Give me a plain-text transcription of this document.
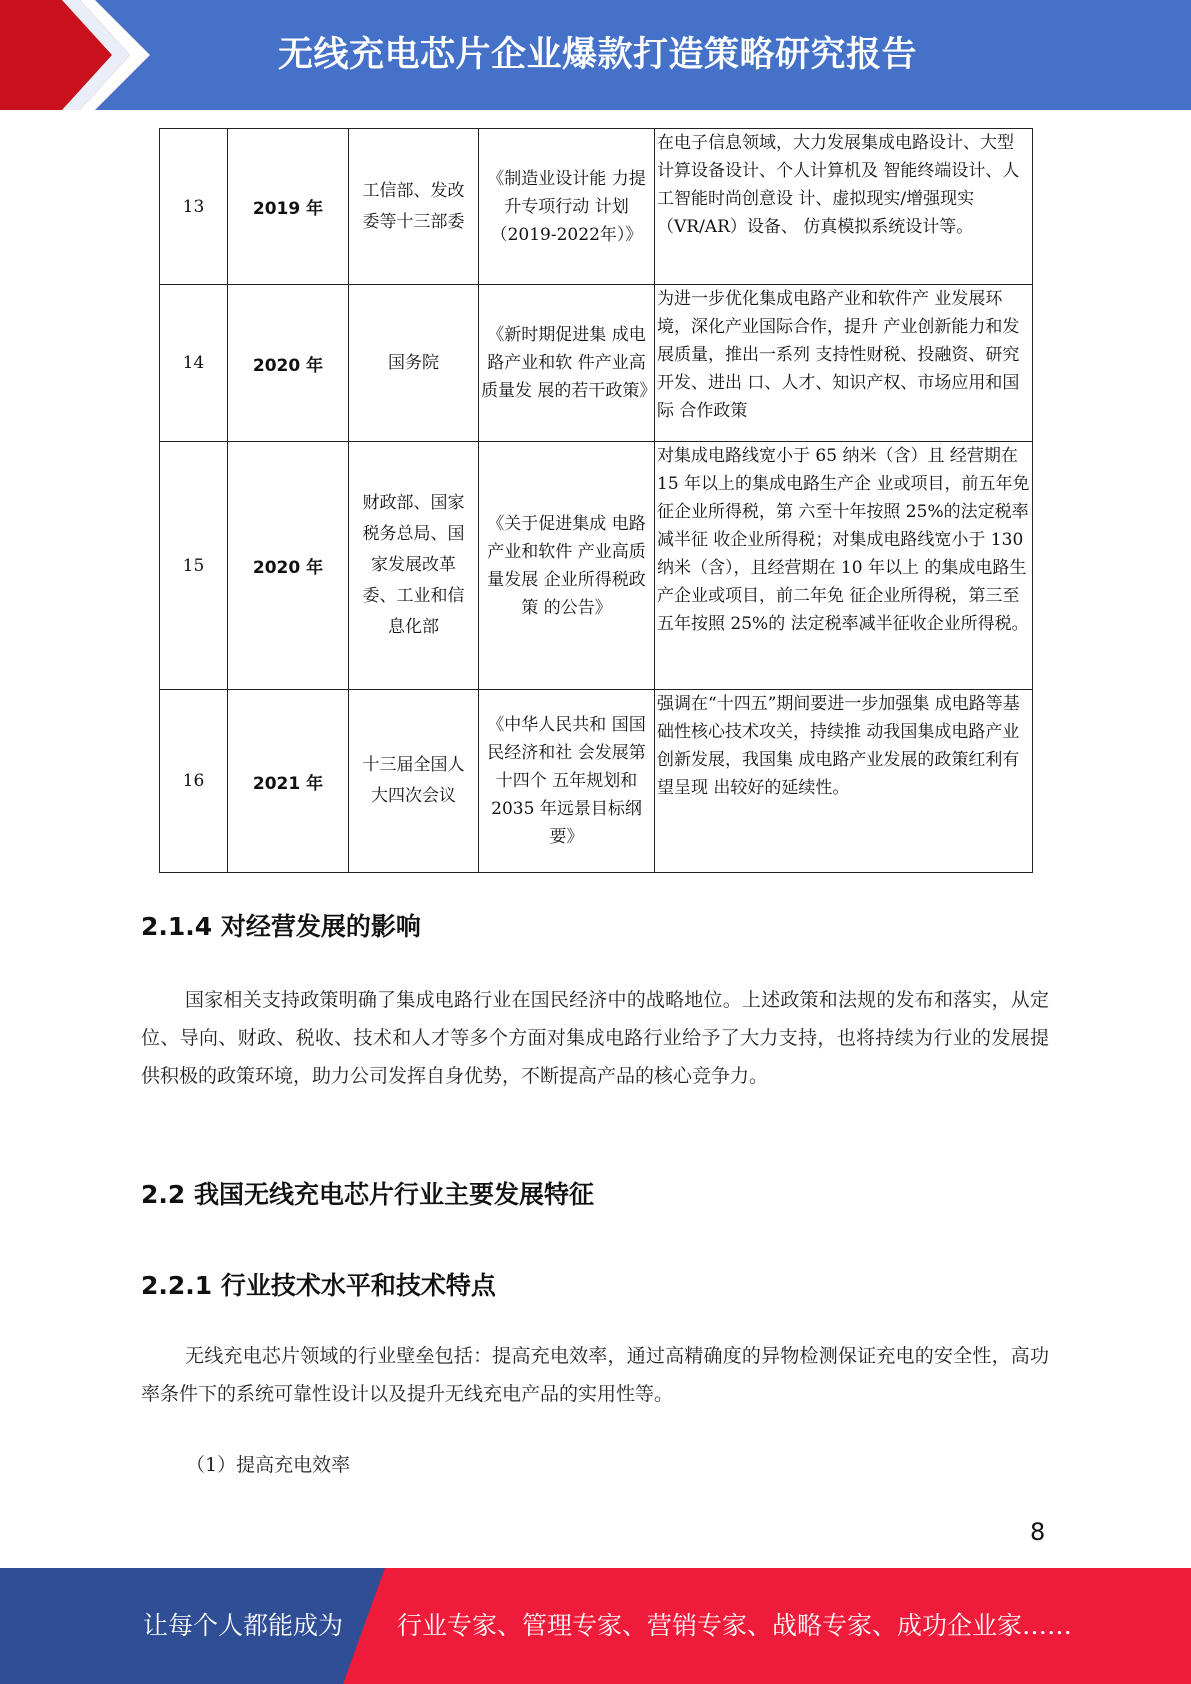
无线充电芯片企业爆款打造策略研究报告
13	2019 年	工信部、发改委等十三部委	《制造业设计能 力提升专项行动 计划（2019-2022年）》	在电子信息领域，大力发展集成电路设计、大型计算设备设计、个人计算机及 智能终端设计、人工智能时尚创意设 计、虚拟现实/增强现实（VR/AR）设备、 仿真模拟系统设计等。
14	2020 年	国务院	《新时期促进集 成电路产业和软 件产业高质量发 展的若干政策》	为进一步优化集成电路产业和软件产 业发展环境，深化产业国际合作，提升 产业创新能力和发展质量，推出一系列 支持性财税、投融资、研究开发、进出 口、人才、知识产权、市场应用和国际 合作政策
15	2020 年	财政部、国家税务总局、国家发展改革委、工业和信息化部	《关于促进集成 电路产业和软件 产业高质量发展 企业所得税政策 的公告》	对集成电路线宽小于 65 纳米（含）且 经营期在 15 年以上的集成电路生产企 业或项目，前五年免征企业所得税，第 六至十年按照 25%的法定税率减半征 收企业所得税；对集成电路线宽小于 130 纳米（含），且经营期在 10 年以上 的集成电路生产企业或项目，前二年免 征企业所得税，第三至五年按照 25%的 法定税率减半征收企业所得税。
16	2021 年	十三届全国人大四次会议	《中华人民共和 国国民经济和社 会发展第十四个 五年规划和 2035 年远景目标纲 要》	强调在“十四五”期间要进一步加强集 成电路等基础性核心技术攻关，持续推 动我国集成电路产业创新发展，我国集 成电路产业发展的政策红利有望呈现 出较好的延续性。
2.1.4 对经营发展的影响
国家相关支持政策明确了集成电路行业在国民经济中的战略地位。上述政策和法规的发布和落实，从定位、导向、财政、税收、技术和人才等多个方面对集成电路行业给予了大力支持，也将持续为行业的发展提供积极的政策环境，助力公司发挥自身优势，不断提高产品的核心竞争力。
2.2 我国无线充电芯片行业主要发展特征
2.2.1 行业技术水平和技术特点
无线充电芯片领域的行业壁垒包括：提高充电效率，通过高精确度的异物检测保证充电的安全性，高功率条件下的系统可靠性设计以及提升无线充电产品的实用性等。
（1）提高充电效率
8
让每个人都能成为 行业专家、管理专家、营销专家、战略专家、成功企业家……
